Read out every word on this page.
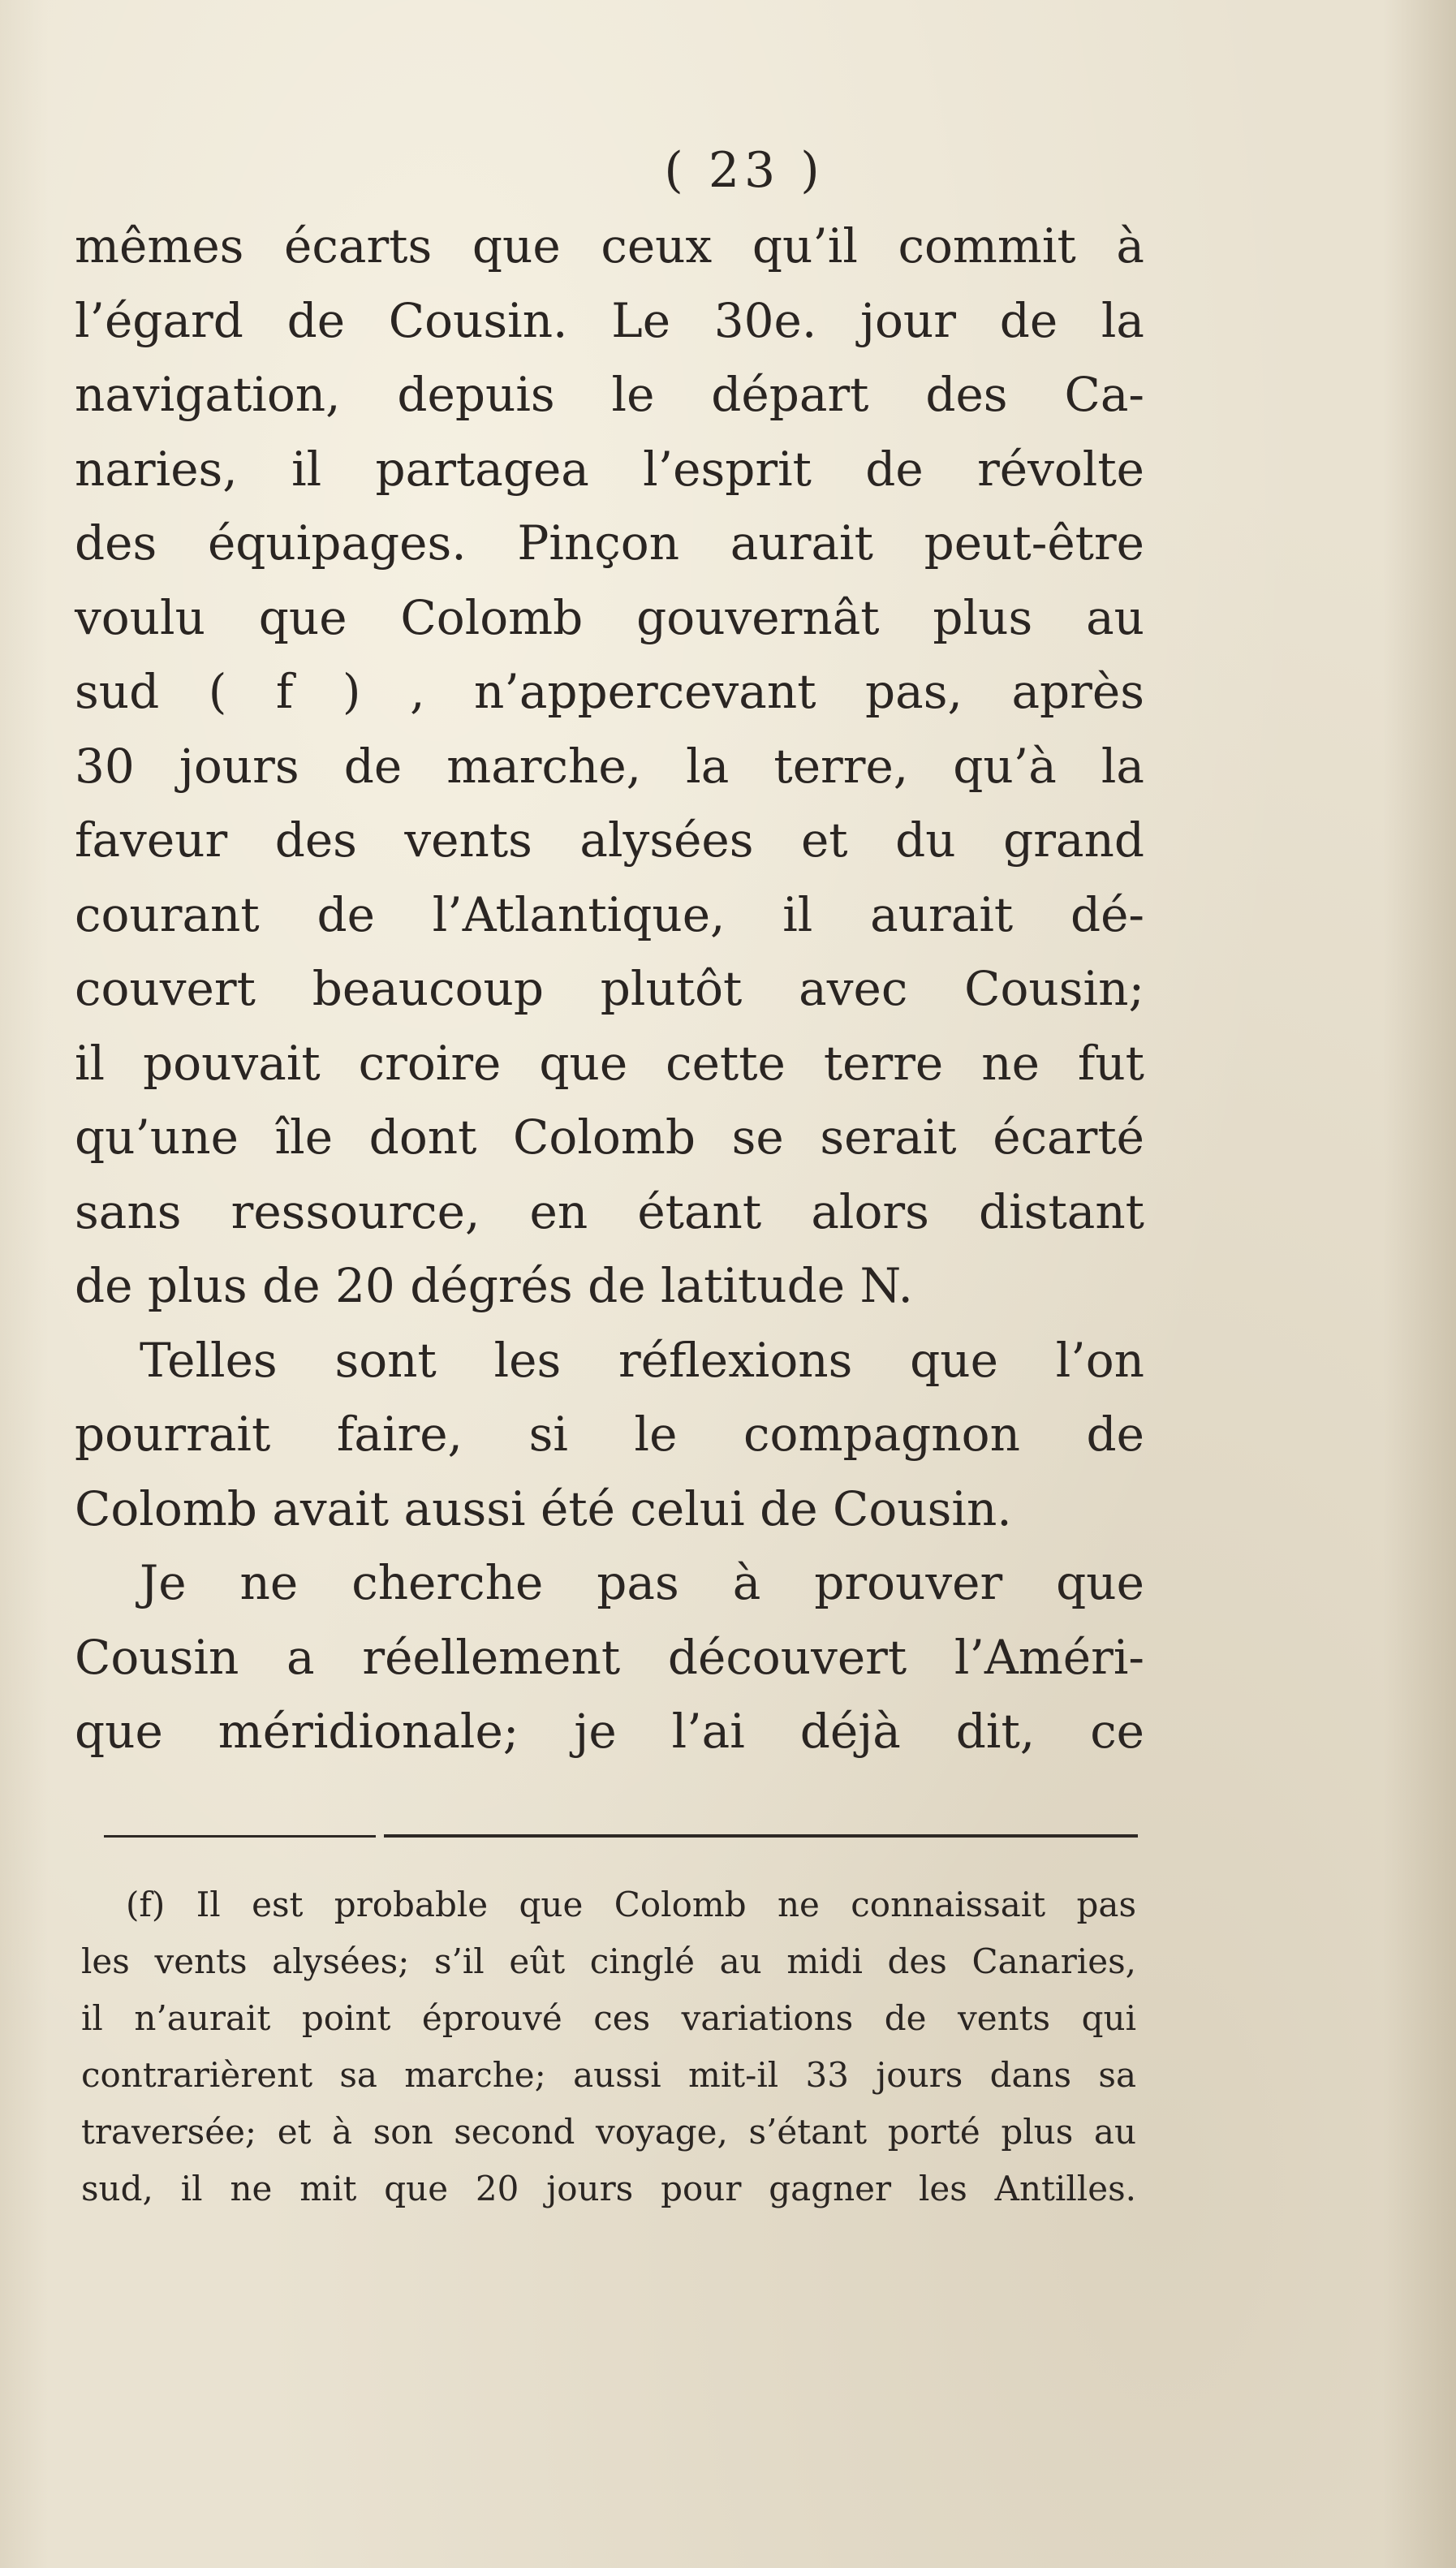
( 23 )
mêmes écarts que ceux qu’il commit à
l’égard de Cousin. Le 30e. jour de la
navigation, depuis le départ des Ca-
naries, il partagea l’esprit de révolte
des équipages. Pinçon aurait peut-être
voulu que Colomb gouvernât plus au
sud ( f ) , n’appercevant pas, après
30 jours de marche, la terre, qu’à la
faveur des vents alysées et du grand
courant de l’Atlantique, il aurait dé-
couvert beaucoup plutôt avec Cousin;
il pouvait croire que cette terre ne fut
qu’une île dont Colomb se serait écarté
sans ressource, en étant alors distant
de plus de 20 dégrés de latitude N.
Telles sont les réflexions que l’on
pourrait faire, si le compagnon de
Colomb avait aussi été celui de Cousin.
Je ne cherche pas à prouver que
Cousin a réellement découvert l’Améri-
que méridionale; je l’ai déjà dit, ce
(f) Il est probable que Colomb ne connaissait pas
les vents alysées; s’il eût cinglé au midi des Canaries,
il n’aurait point éprouvé ces variations de vents qui
contrarièrent sa marche; aussi mit-il 33 jours dans sa
traversée; et à son second voyage, s’étant porté plus au
sud, il ne mit que 20 jours pour gagner les Antilles.
